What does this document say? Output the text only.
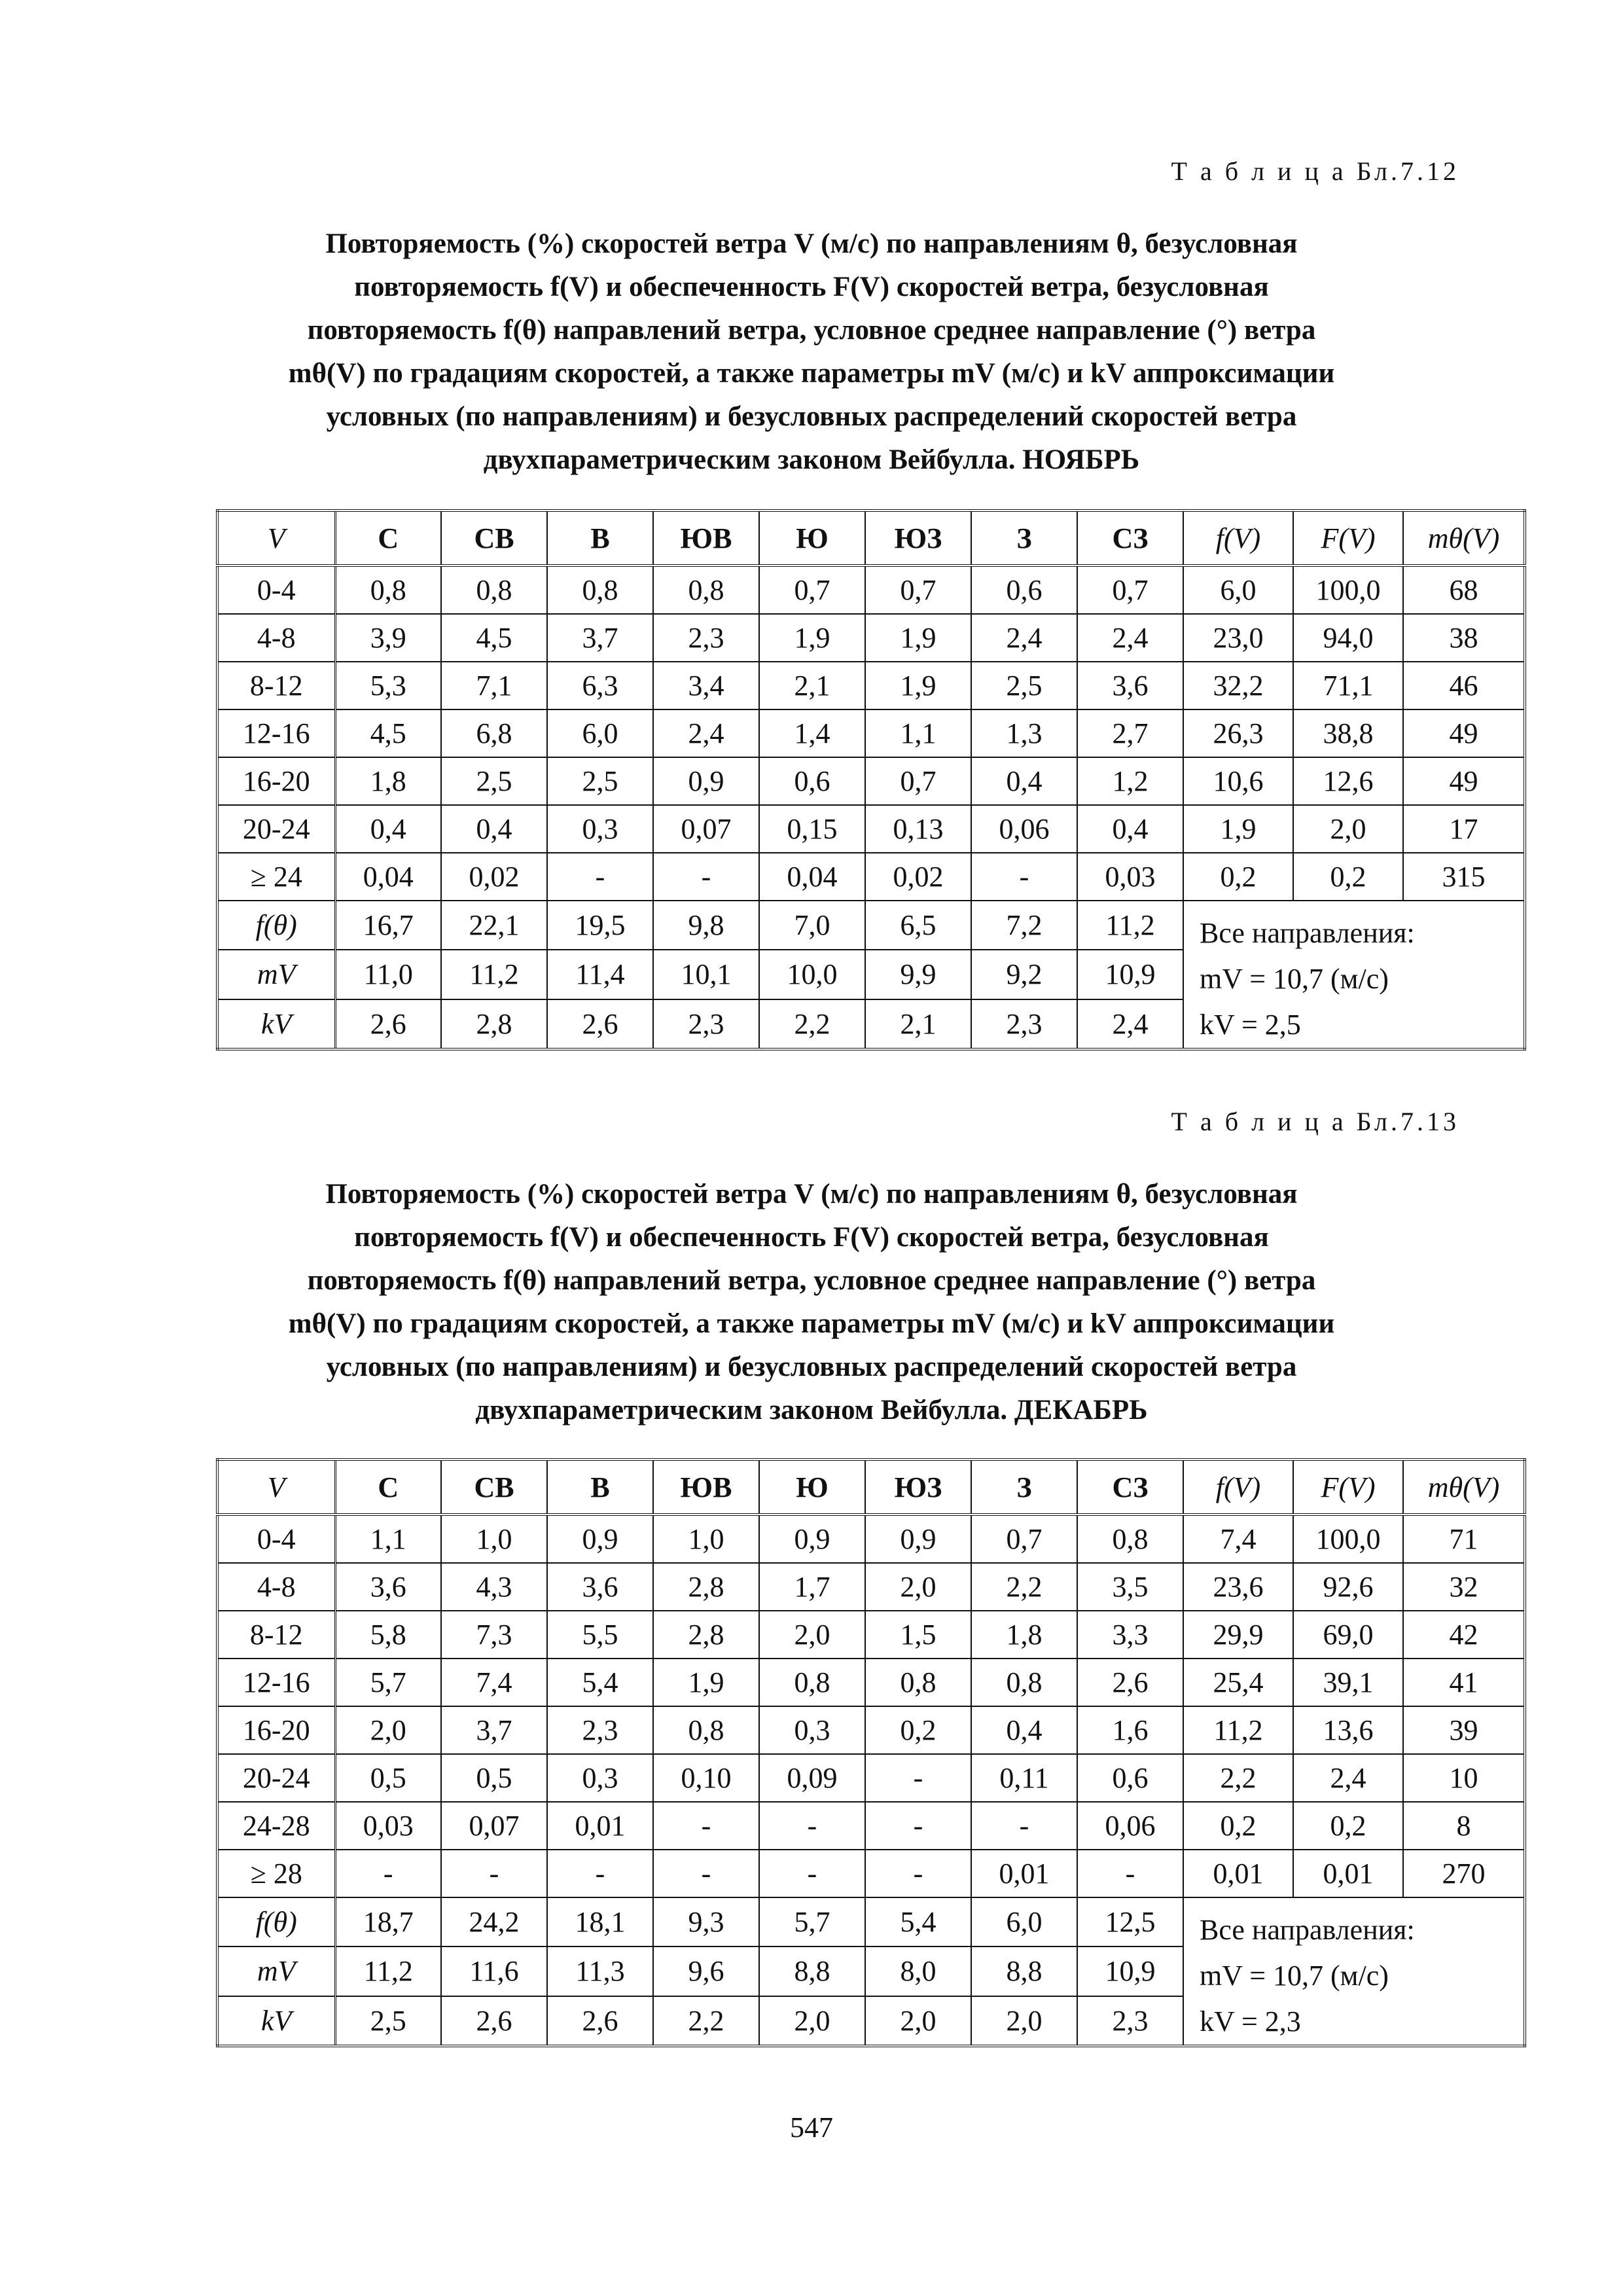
Т а б л и ц а Бл.7.12
Повторяемость (%) скоростей ветра V (м/с) по направлениям θ, безусловная
повторяемость f(V) и обеспеченность F(V) скоростей ветра, безусловная
повторяемость f(θ) направлений ветра, условное среднее направление (°) ветра
mθ(V) по градациям скоростей, а также параметры mV (м/с) и kV аппроксимации
условных (по направлениям) и безусловных распределений скоростей ветра
двухпараметрическим законом Вейбулла. НОЯБРЬ
V	С	СВ	В	ЮВ	Ю	ЮЗ	З	СЗ	f(V)	F(V)	mθ(V)
0-4	0,8	0,8	0,8	0,8	0,7	0,7	0,6	0,7	6,0	100,0	68
4-8	3,9	4,5	3,7	2,3	1,9	1,9	2,4	2,4	23,0	94,0	38
8-12	5,3	7,1	6,3	3,4	2,1	1,9	2,5	3,6	32,2	71,1	46
12-16	4,5	6,8	6,0	2,4	1,4	1,1	1,3	2,7	26,3	38,8	49
16-20	1,8	2,5	2,5	0,9	0,6	0,7	0,4	1,2	10,6	12,6	49
20-24	0,4	0,4	0,3	0,07	0,15	0,13	0,06	0,4	1,9	2,0	17
≥ 24	0,04	0,02	-	-	0,04	0,02	-	0,03	0,2	0,2	315
f(θ)	16,7	22,1	19,5	9,8	7,0	6,5	7,2	11,2	Все направления:
mV = 10,7 (м/с)
kV = 2,5		

mV	11,0	11,2	11,4	10,1	10,0	9,9	9,2	10,9			
kV	2,6	2,8	2,6	2,3	2,2	2,1	2,3	2,4			
Т а б л и ц а Бл.7.13
Повторяемость (%) скоростей ветра V (м/с) по направлениям θ, безусловная
повторяемость f(V) и обеспеченность F(V) скоростей ветра, безусловная
повторяемость f(θ) направлений ветра, условное среднее направление (°) ветра
mθ(V) по градациям скоростей, а также параметры mV (м/с) и kV аппроксимации
условных (по направлениям) и безусловных распределений скоростей ветра
двухпараметрическим законом Вейбулла. ДЕКАБРЬ
V	С	СВ	В	ЮВ	Ю	ЮЗ	З	СЗ	f(V)	F(V)	mθ(V)
0-4	1,1	1,0	0,9	1,0	0,9	0,9	0,7	0,8	7,4	100,0	71
4-8	3,6	4,3	3,6	2,8	1,7	2,0	2,2	3,5	23,6	92,6	32
8-12	5,8	7,3	5,5	2,8	2,0	1,5	1,8	3,3	29,9	69,0	42
12-16	5,7	7,4	5,4	1,9	0,8	0,8	0,8	2,6	25,4	39,1	41
16-20	2,0	3,7	2,3	0,8	0,3	0,2	0,4	1,6	11,2	13,6	39
20-24	0,5	0,5	0,3	0,10	0,09	-	0,11	0,6	2,2	2,4	10
24-28	0,03	0,07	0,01	-	-	-	-	0,06	0,2	0,2	8
≥ 28	-	-	-	-	-	-	0,01	-	0,01	0,01	270
f(θ)	18,7	24,2	18,1	9,3	5,7	5,4	6,0	12,5	Все направления:
mV = 10,7 (м/с)
kV = 2,3		

mV	11,2	11,6	11,3	9,6	8,8	8,0	8,8	10,9			
kV	2,5	2,6	2,6	2,2	2,0	2,0	2,0	2,3			
547
